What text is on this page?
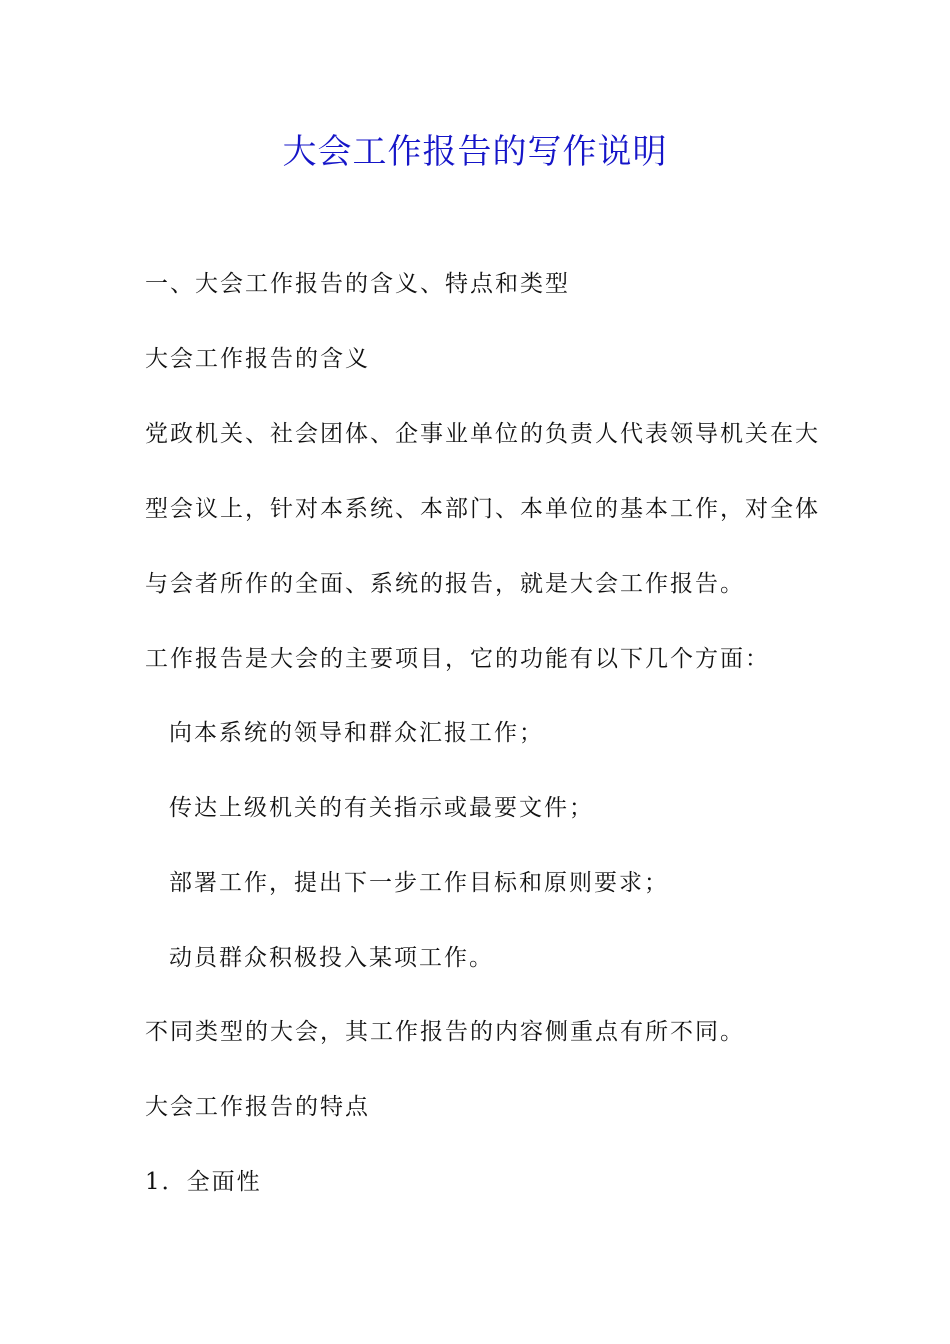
大会工作报告的写作说明
一、大会工作报告的含义、特点和类型
大会工作报告的含义
党政机关、社会团体、企事业单位的负责人代表领导机关在大
型会议上，针对本系统、本部门、本单位的基本工作，对全体
与会者所作的全面、系统的报告，就是大会工作报告。
工作报告是大会的主要项目，它的功能有以下几个方面：
向本系统的领导和群众汇报工作；
传达上级机关的有关指示或最要文件；
部署工作，提出下一步工作目标和原则要求；
动员群众积极投入某项工作。
不同类型的大会，其工作报告的内容侧重点有所不同。
大会工作报告的特点
1．全面性
